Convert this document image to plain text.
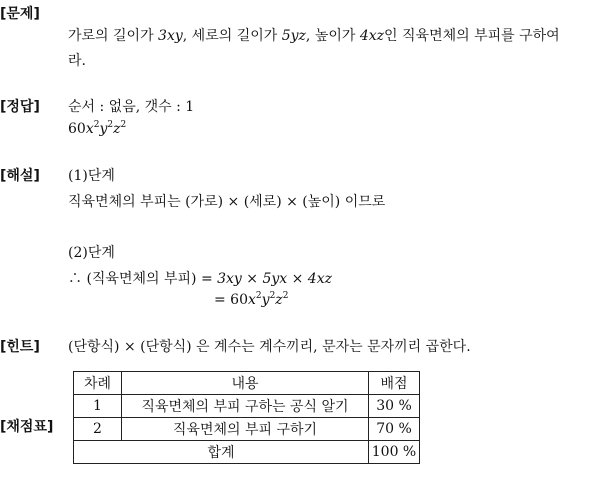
[문제]
가로의 길이가 3xy, 세로의 길이가 5yz, 높이가 4xz인 직육면체의 부피를 구하여
라.
[정답] 순서 : 없음, 갯수 : 1
$60x^2y^2z^2$
[해설] (1)단계
직육면체의 부피는 (가로) × (세로) × (높이) 이므로
(2)단계
∴ (직육면체의 부피) = 3xy × 5yx × 4xz
= $60x^2y^2z^2$
[힌트] (단항식) × (단항식) 은 계수는 계수끼리, 문자는 문자끼리 곱한다.
[채점표]
차례	내용	배점
1	직육면체의 부피 구하는 공식 알기	30 %
2	직육면체의 부피 구하기	70 %
합계		100 %
